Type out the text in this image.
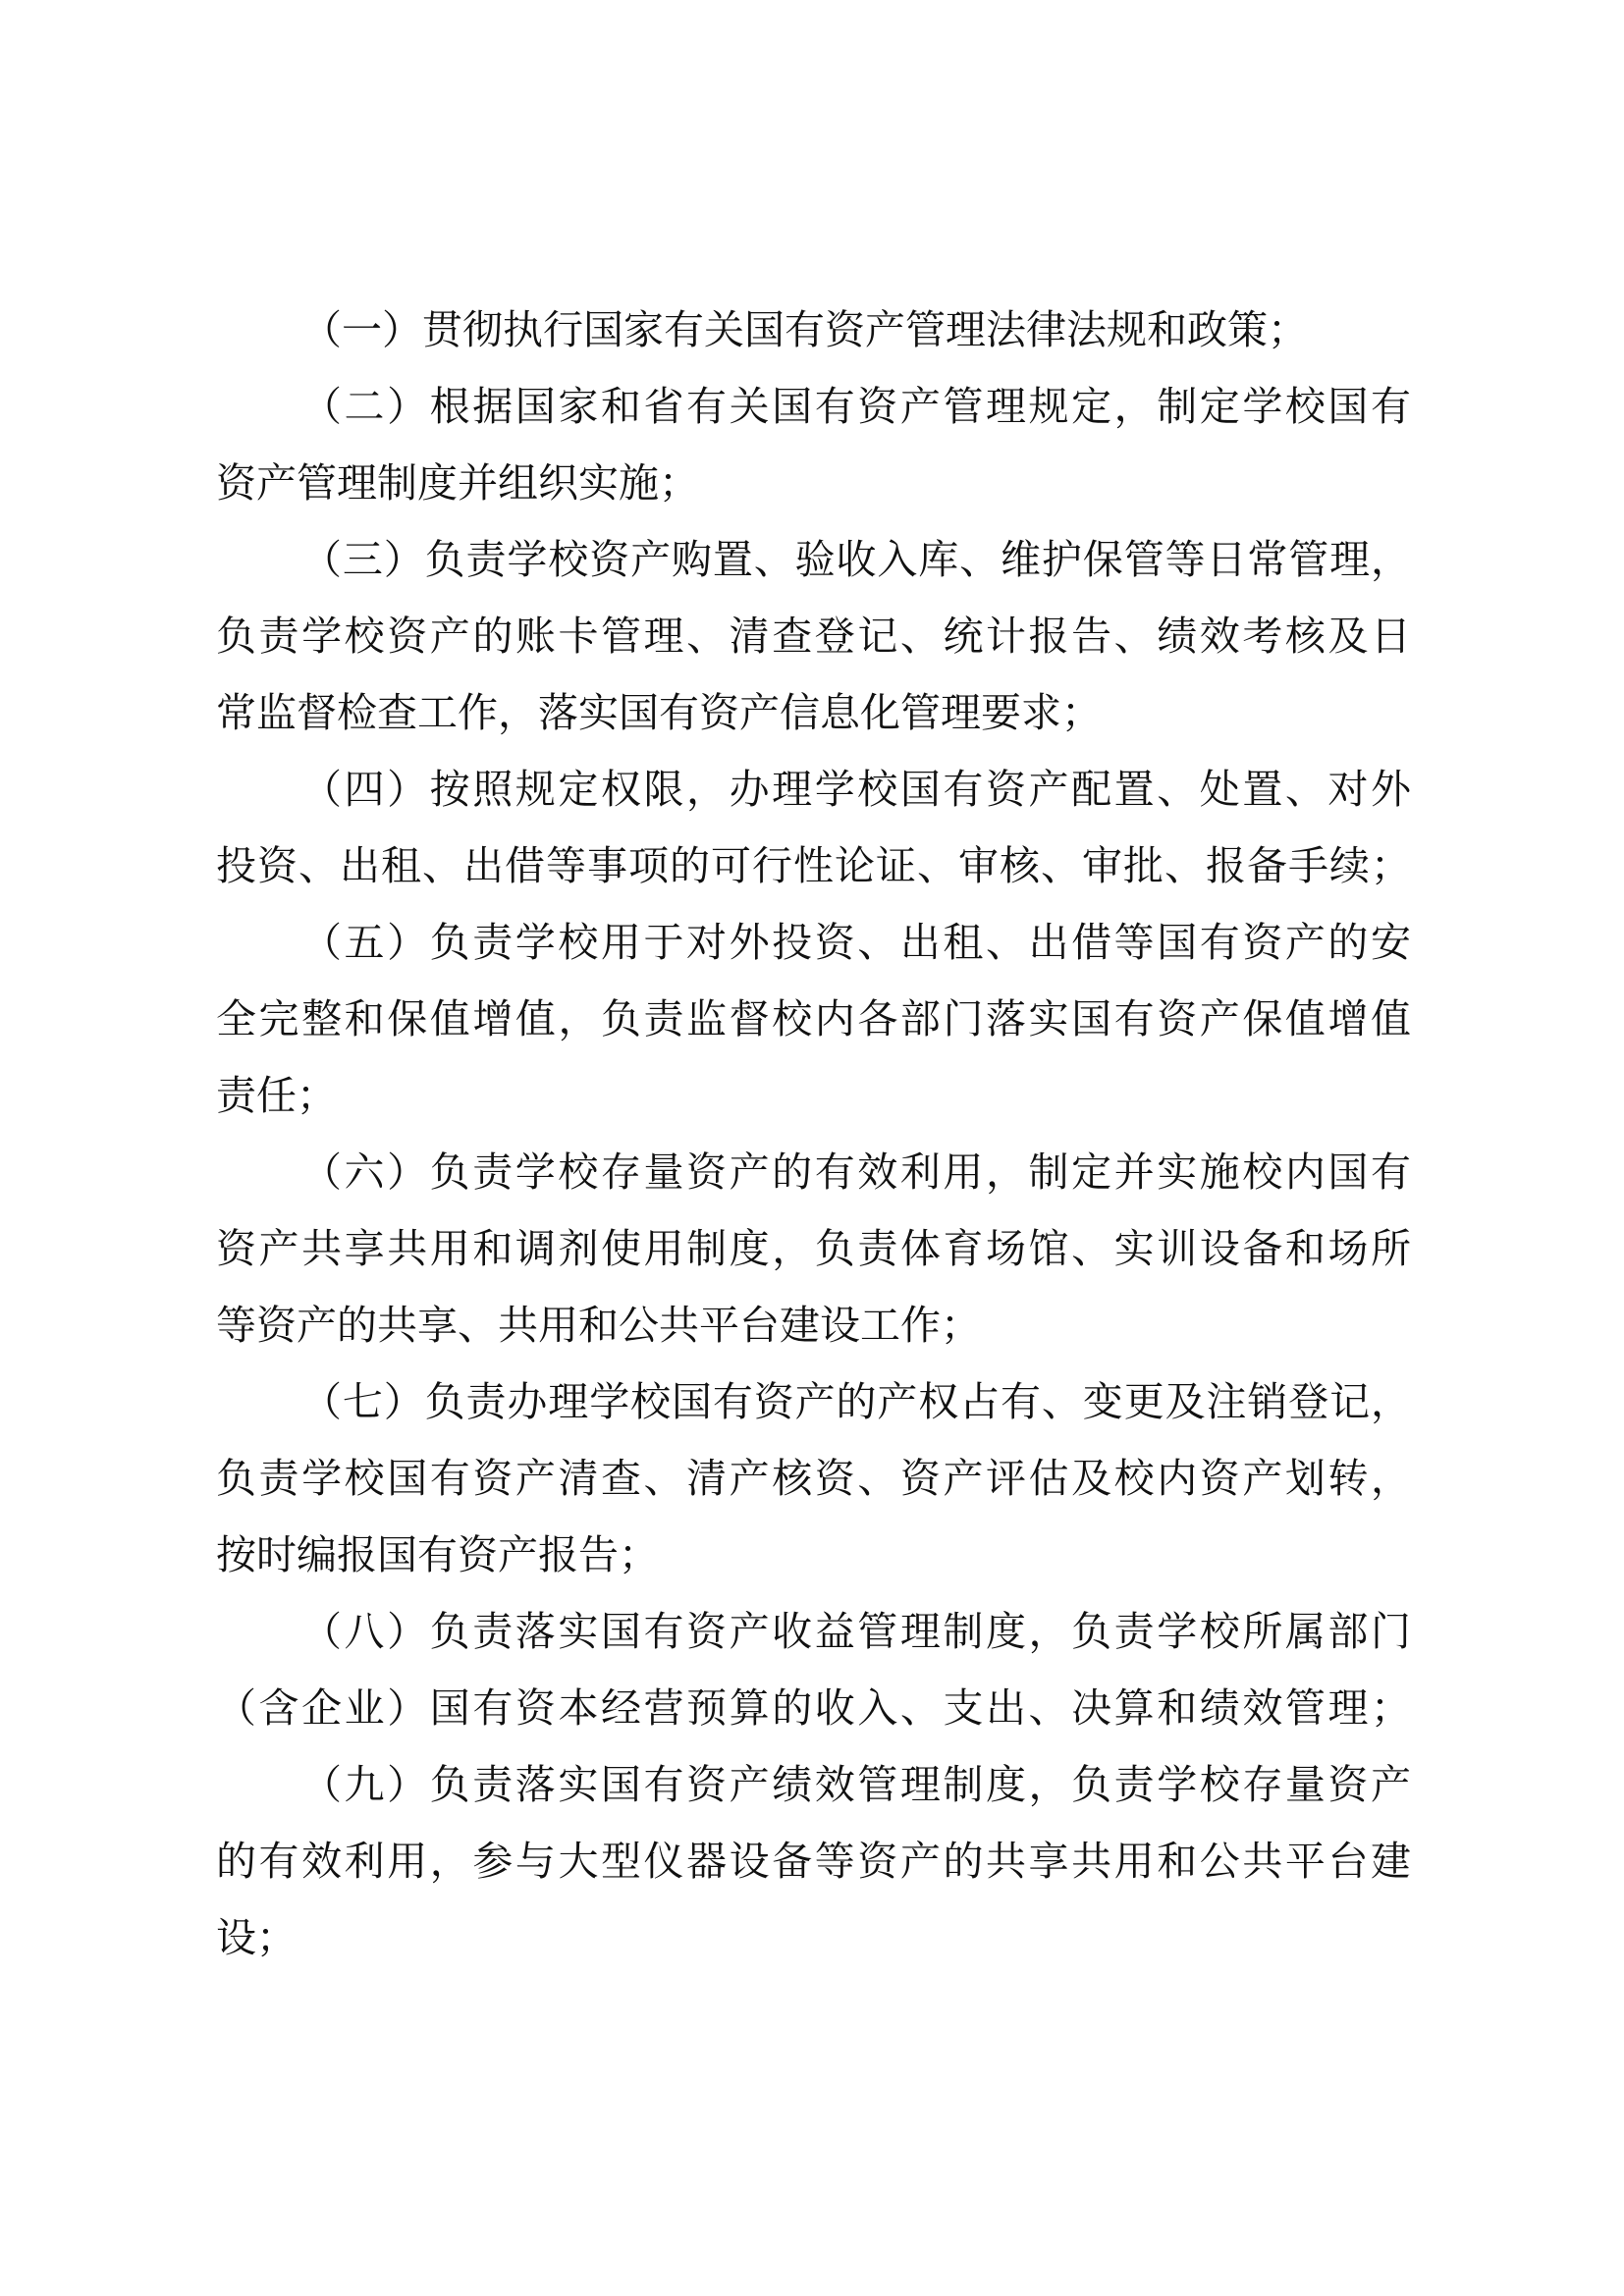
（一）贯彻执行国家有关国有资产管理法律法规和政策；
（二）根据国家和省有关国有资产管理规定，制定学校国有
资产管理制度并组织实施；
（三）负责学校资产购置、验收入库、维护保管等日常管理，
负责学校资产的账卡管理、清查登记、统计报告、绩效考核及日
常监督检查工作，落实国有资产信息化管理要求；
（四）按照规定权限，办理学校国有资产配置、处置、对外
投资、出租、出借等事项的可行性论证、审核、审批、报备手续；
（五）负责学校用于对外投资、出租、出借等国有资产的安
全完整和保值增值，负责监督校内各部门落实国有资产保值增值
责任；
（六）负责学校存量资产的有效利用，制定并实施校内国有
资产共享共用和调剂使用制度，负责体育场馆、实训设备和场所
等资产的共享、共用和公共平台建设工作；
（七）负责办理学校国有资产的产权占有、变更及注销登记，
负责学校国有资产清查、清产核资、资产评估及校内资产划转，
按时编报国有资产报告；
（八）负责落实国有资产收益管理制度，负责学校所属部门
（含企业）国有资本经营预算的收入、支出、决算和绩效管理；
（九）负责落实国有资产绩效管理制度，负责学校存量资产
的有效利用，参与大型仪器设备等资产的共享共用和公共平台建
设；
